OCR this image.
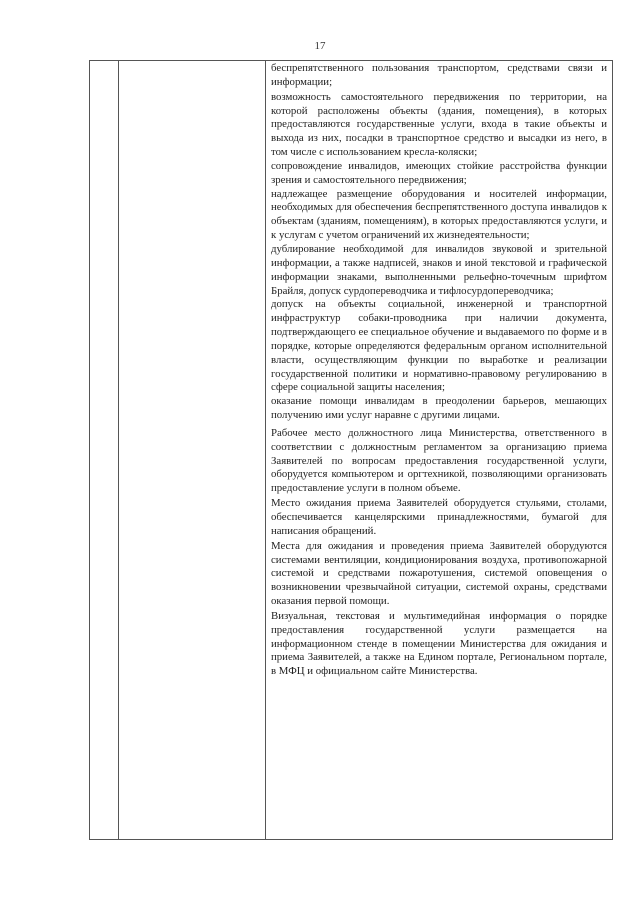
17

беспрепятственного пользования транспортом, средствами связи и информации;

возможность самостоятельного передвижения по территории, на которой расположены объекты (здания, помещения), в которых предоставляются государственные услуги, входа в такие объекты и выхода из них, посадки в транспортное средство и высадки из него, в том числе с использованием кресла-коляски;

сопровождение инвалидов, имеющих стойкие расстройства функции зрения и самостоятельного передвижения;

надлежащее размещение оборудования и носителей информации, необходимых для обеспечения беспрепятственного доступа инвалидов к объектам (зданиям, помещениям), в которых предоставляются услуги, и к услугам с учетом ограничений их жизнедеятельности;

дублирование необходимой для инвалидов звуковой и зрительной информации, а также надписей, знаков и иной текстовой и графической информации знаками, выполненными рельефно-точечным шрифтом Брайля, допуск сурдопереводчика и тифлосурдопереводчика;

допуск на объекты социальной, инженерной и транспортной инфраструктур собаки-проводника при наличии документа, подтверждающего ее специальное обучение и выдаваемого по форме и в порядке, которые определяются федеральным органом исполнительной власти, осуществляющим функции по выработке и реализации государственной политики и нормативно-правовому регулированию в сфере социальной защиты населения;

оказание помощи инвалидам в преодолении барьеров, мешающих получению ими услуг наравне с другими лицами.

Рабочее место должностного лица Министерства, ответственного в соответствии с должностным регламентом за организацию приема Заявителей по вопросам предоставления государственной услуги, оборудуется компьютером и оргтехникой, позволяющими организовать предоставление услуги в полном объеме.

Место ожидания приема Заявителей оборудуется стульями, столами, обеспечивается канцелярскими принадлежностями, бумагой для написания обращений.

Места для ожидания и проведения приема Заявителей оборудуются системами вентиляции, кондиционирования воздуха, противопожарной системой и средствами пожаротушения, системой оповещения о возникновении чрезвычайной ситуации, системой охраны, средствами оказания первой помощи.

Визуальная, текстовая и мультимедийная информация о порядке предоставления государственной услуги размещается на информационном стенде в помещении Министерства для ожидания и приема Заявителей, а также на Едином портале, Региональном портале, в МФЦ и официальном сайте Министерства.
